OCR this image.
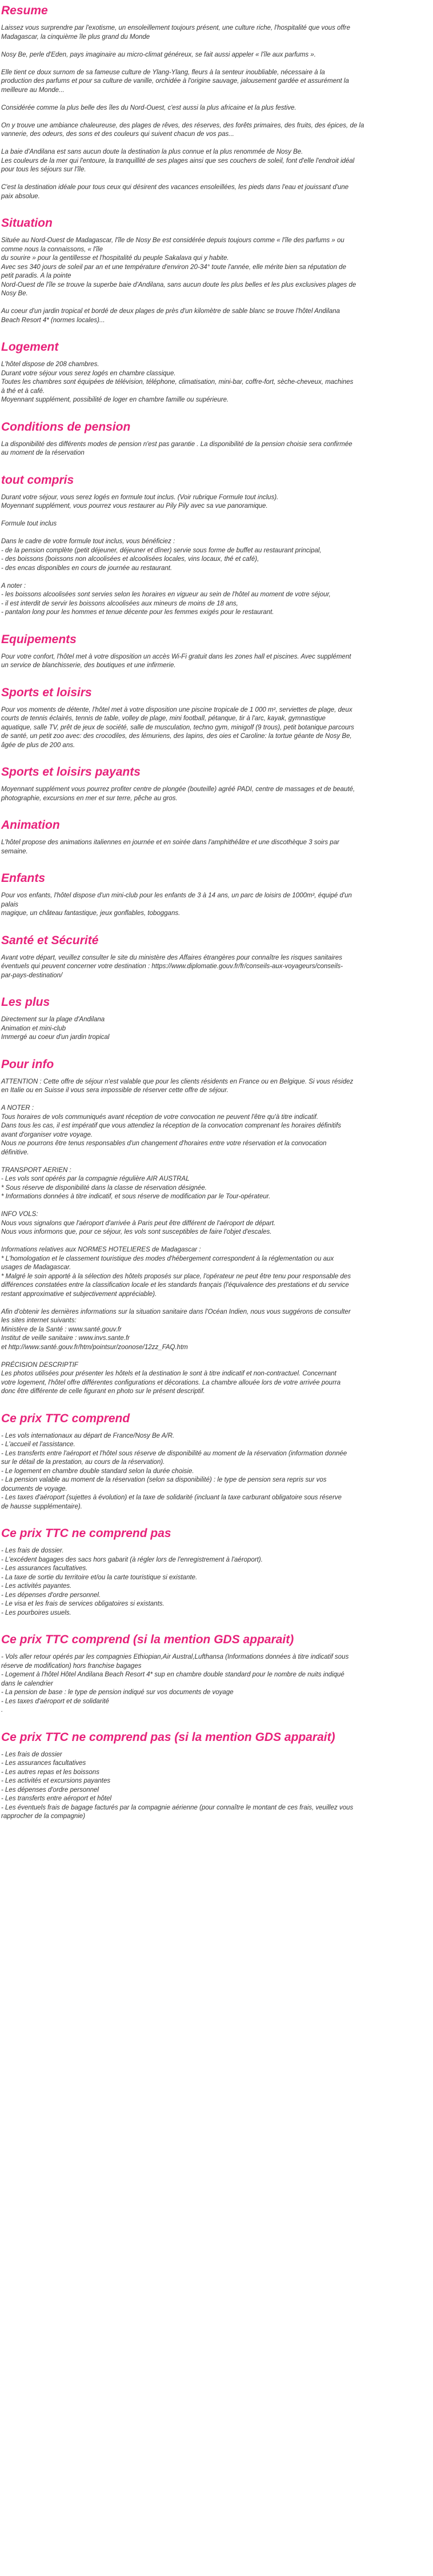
Resume
Laissez vous surprendre par l'exotisme, un ensoleillement toujours présent, une culture riche, l'hospitalité que vous offre
Madagascar, la cinquième île plus grand du Monde
Nosy Be, perle d'Eden, pays imaginaire au micro-climat généreux, se fait aussi appeler « l'île aux parfums ».
Elle tient ce doux surnom de sa fameuse culture de Ylang-Ylang, fleurs à la senteur inoubliable, nécessaire à la
production des parfums et pour sa culture de vanille, orchidée à l'origine sauvage, jalousement gardée et assurément la
meilleure au Monde...
Considérée comme la plus belle des îles du Nord-Ouest, c'est aussi la plus africaine et la plus festive.
On y trouve une ambiance chaleureuse, des plages de rêves, des réserves, des forêts primaires, des fruits, des épices, de la
vannerie, des odeurs, des sons et des couleurs qui suivent chacun de vos pas...
La baie d'Andilana est sans aucun doute la destination la plus connue et la plus renommée de Nosy Be.
Les couleurs de la mer qui l'entoure, la tranquillité de ses plages ainsi que ses couchers de soleil, font d'elle l'endroit idéal
pour tous les séjours sur l'île.
C'est la destination idéale pour tous ceux qui désirent des vacances ensoleillées, les pieds dans l'eau et jouissant d'une
paix absolue.
Situation
Située au Nord-Ouest de Madagascar, l'île de Nosy Be est considérée depuis toujours comme « l'île des parfums » ou
comme nous la connaissons, « l'île
du sourire » pour la gentillesse et l'hospitalité du peuple Sakalava qui y habite.
Avec ses 340 jours de soleil par an et une température d'environ 20-34° toute l'année, elle mérite bien sa réputation de
petit paradis. A la pointe
Nord-Ouest de l'île se trouve la superbe baie d'Andilana, sans aucun doute les plus belles et les plus exclusives plages de
Nosy Be.
Au coeur d'un jardin tropical et bordé de deux plages de près d'un kilomètre de sable blanc se trouve l'hôtel Andilana
Beach Resort 4* (normes locales)...
Logement
L'hôtel dispose de 208 chambres.
Durant votre séjour vous serez logés en chambre classique.
Toutes les chambres sont équipées de télévision, téléphone, climatisation, mini-bar, coffre-fort, sèche-cheveux, machines
à thé et à café.
Moyennant supplément, possibilité de loger en chambre famille ou supérieure.
Conditions de pension
La disponibilité des différents modes de pension n'est pas garantie . La disponibilité de la pension choisie sera confirmée
au moment de la réservation
tout compris
Durant votre séjour, vous serez logés en formule tout inclus. (Voir rubrique Formule tout inclus).
Moyennant supplément, vous pourrez vous restaurer au Pily Pily avec sa vue panoramique.
Formule tout inclus
Dans le cadre de votre formule tout inclus, vous bénéficiez :
- de la pension complète (petit déjeuner, déjeuner et dîner) servie sous forme de buffet au restaurant principal,
- des boissons (boissons non alcoolisées et alcoolisées locales, vins locaux, thé et café),
- des encas disponibles en cours de journée au restaurant.
A noter :
- les boissons alcoolisées sont servies selon les horaires en vigueur au sein de l'hôtel au moment de votre séjour,
- il est interdit de servir les boissons alcoolisées aux mineurs de moins de 18 ans,
- pantalon long pour les hommes et tenue décente pour les femmes exigés pour le restaurant.
Equipements
Pour votre confort, l'hôtel met à votre disposition un accès Wi-Fi gratuit dans les zones hall et piscines. Avec supplément
un service de blanchisserie, des boutiques et une infirmerie.
Sports et loisirs
Pour vos moments de détente, l'hôtel met à votre disposition une piscine tropicale de 1 000 m², serviettes de plage, deux
courts de tennis éclairés, tennis de table, volley de plage, mini football, pétanque, tir à l'arc, kayak, gymnastique
aquatique, salle TV, prêt de jeux de société, salle de musculation, techno gym, minigolf (9 trous), petit botanique parcours
de santé, un petit zoo avec: des crocodiles, des lémuriens, des lapins, des oies et Caroline: la tortue géante de Nosy Be,
âgée de plus de 200 ans.
Sports et loisirs payants
Moyennant supplément vous pourrez profiter centre de plongée (bouteille) agréé PADI, centre de massages et de beauté,
photographie, excursions en mer et sur terre, pêche au gros.
Animation
L'hôtel propose des animations italiennes en journée et en soirée dans l'amphithéâtre et une discothèque 3 soirs par
semaine.
Enfants
Pour vos enfants, l'hôtel dispose d'un mini-club pour les enfants de 3 à 14 ans, un parc de loisirs de 1000m², équipé d'un
palais
magique, un château fantastique, jeux gonflables, toboggans.
Santé et Sécurité
Avant votre départ, veuillez consulter le site du ministère des Affaires étrangères pour connaître les risques sanitaires
éventuels qui peuvent concerner votre destination : https://www.diplomatie.gouv.fr/fr/conseils-aux-voyageurs/conseils-
par-pays-destination/
Les plus
Directement sur la plage d'Andilana
Animation et mini-club
Immergé au coeur d'un jardin tropical
Pour info
ATTENTION : Cette offre de séjour n'est valable que pour les clients résidents en France ou en Belgique. Si vous résidez
en Italie ou en Suisse il vous sera impossible de réserver cette offre de séjour.
A NOTER :
Tous horaires de vols communiqués avant réception de votre convocation ne peuvent l'être qu'à titre indicatif.
Dans tous les cas, il est impératif que vous attendiez la réception de la convocation comprenant les horaires définitifs
avant d'organiser votre voyage.
Nous ne pourrons être tenus responsables d'un changement d'horaires entre votre réservation et la convocation
définitive.
TRANSPORT AERIEN :
- Les vols sont opérés par la compagnie régulière AIR AUSTRAL
* Sous réserve de disponibilité dans la classe de réservation désignée.
* Informations données à titre indicatif, et sous réserve de modification par le Tour-opérateur.
INFO VOLS:
Nous vous signalons que l'aéroport d'arrivée à Paris peut être différent de l'aéroport de départ.
Nous vous informons que, pour ce séjour, les vols sont susceptibles de faire l'objet d'escales.
Informations relatives aux NORMES HOTELIERES de Madagascar :
* L'homologation et le classement touristique des modes d'hébergement correspondent à la réglementation ou aux
usages de Madagascar.
* Malgré le soin apporté à la sélection des hôtels proposés sur place, l'opérateur ne peut être tenu pour responsable des
différences constatées entre la classification locale et les standards français (l'équivalence des prestations et du service
restant approximative et subjectivement appréciable).
Afin d'obtenir les dernières informations sur la situation sanitaire dans l'Océan Indien, nous vous suggérons de consulter
les sites internet suivants:
Ministère de la Santé : www.santé.gouv.fr
Institut de veille sanitaire : www.invs.sante.fr
et http://www.santé.gouv.fr/htm/pointsur/zoonose/12zz_FAQ.htm
PRÉCISION DESCRIPTIF
Les photos utilisées pour présenter les hôtels et la destination le sont à titre indicatif et non-contractuel. Concernant
votre logement, l'hôtel offre différentes configurations et décorations. La chambre allouée lors de votre arrivée pourra
donc être différente de celle figurant en photo sur le présent descriptif.
Ce prix TTC comprend
- Les vols internationaux au départ de France/Nosy Be A/R.
- L'accueil et l'assistance.
- Les transferts entre l'aéroport et l'hôtel sous réserve de disponibilité au moment de la réservation (information donnée
sur le détail de la prestation, au cours de la réservation).
- Le logement en chambre double standard selon la durée choisie.
- La pension valable au moment de la réservation (selon sa disponibilité) : le type de pension sera repris sur vos
documents de voyage.
- Les taxes d'aéroport (sujettes à évolution) et la taxe de solidarité (incluant la taxe carburant obligatoire sous réserve
de hausse supplémentaire).
Ce prix TTC ne comprend pas
- Les frais de dossier.
- L'excédent bagages des sacs hors gabarit (à régler lors de l'enregistrement à l'aéroport).
- Les assurances facultatives.
- La taxe de sortie du territoire et/ou la carte touristique si existante.
- Les activités payantes.
- Les dépenses d'ordre personnel.
- Le visa et les frais de services obligatoires si existants.
- Les pourboires usuels.
Ce prix TTC comprend (si la mention GDS apparait)
- Vols aller retour opérés par les compagnies Ethiopian,Air Austral,Lufthansa (Informations données à titre indicatif sous
réserve de modification) hors franchise bagages
- Logement à l'hôtel Hôtel Andilana Beach Resort 4* sup en chambre double standard pour le nombre de nuits indiqué
dans le calendrier
- La pension de base : le type de pension indiqué sur vos documents de voyage
- Les taxes d'aéroport et de solidarité
.
Ce prix TTC ne comprend pas (si la mention GDS apparait)
- Les frais de dossier
- Les assurances facultatives
- Les autres repas et les boissons
- Les activités et excursions payantes
- Les dépenses d'ordre personnel
- Les transferts entre aéroport et hôtel
- Les éventuels frais de bagage facturés par la compagnie aérienne (pour connaître le montant de ces frais, veuillez vous
rapprocher de la compagnie)
